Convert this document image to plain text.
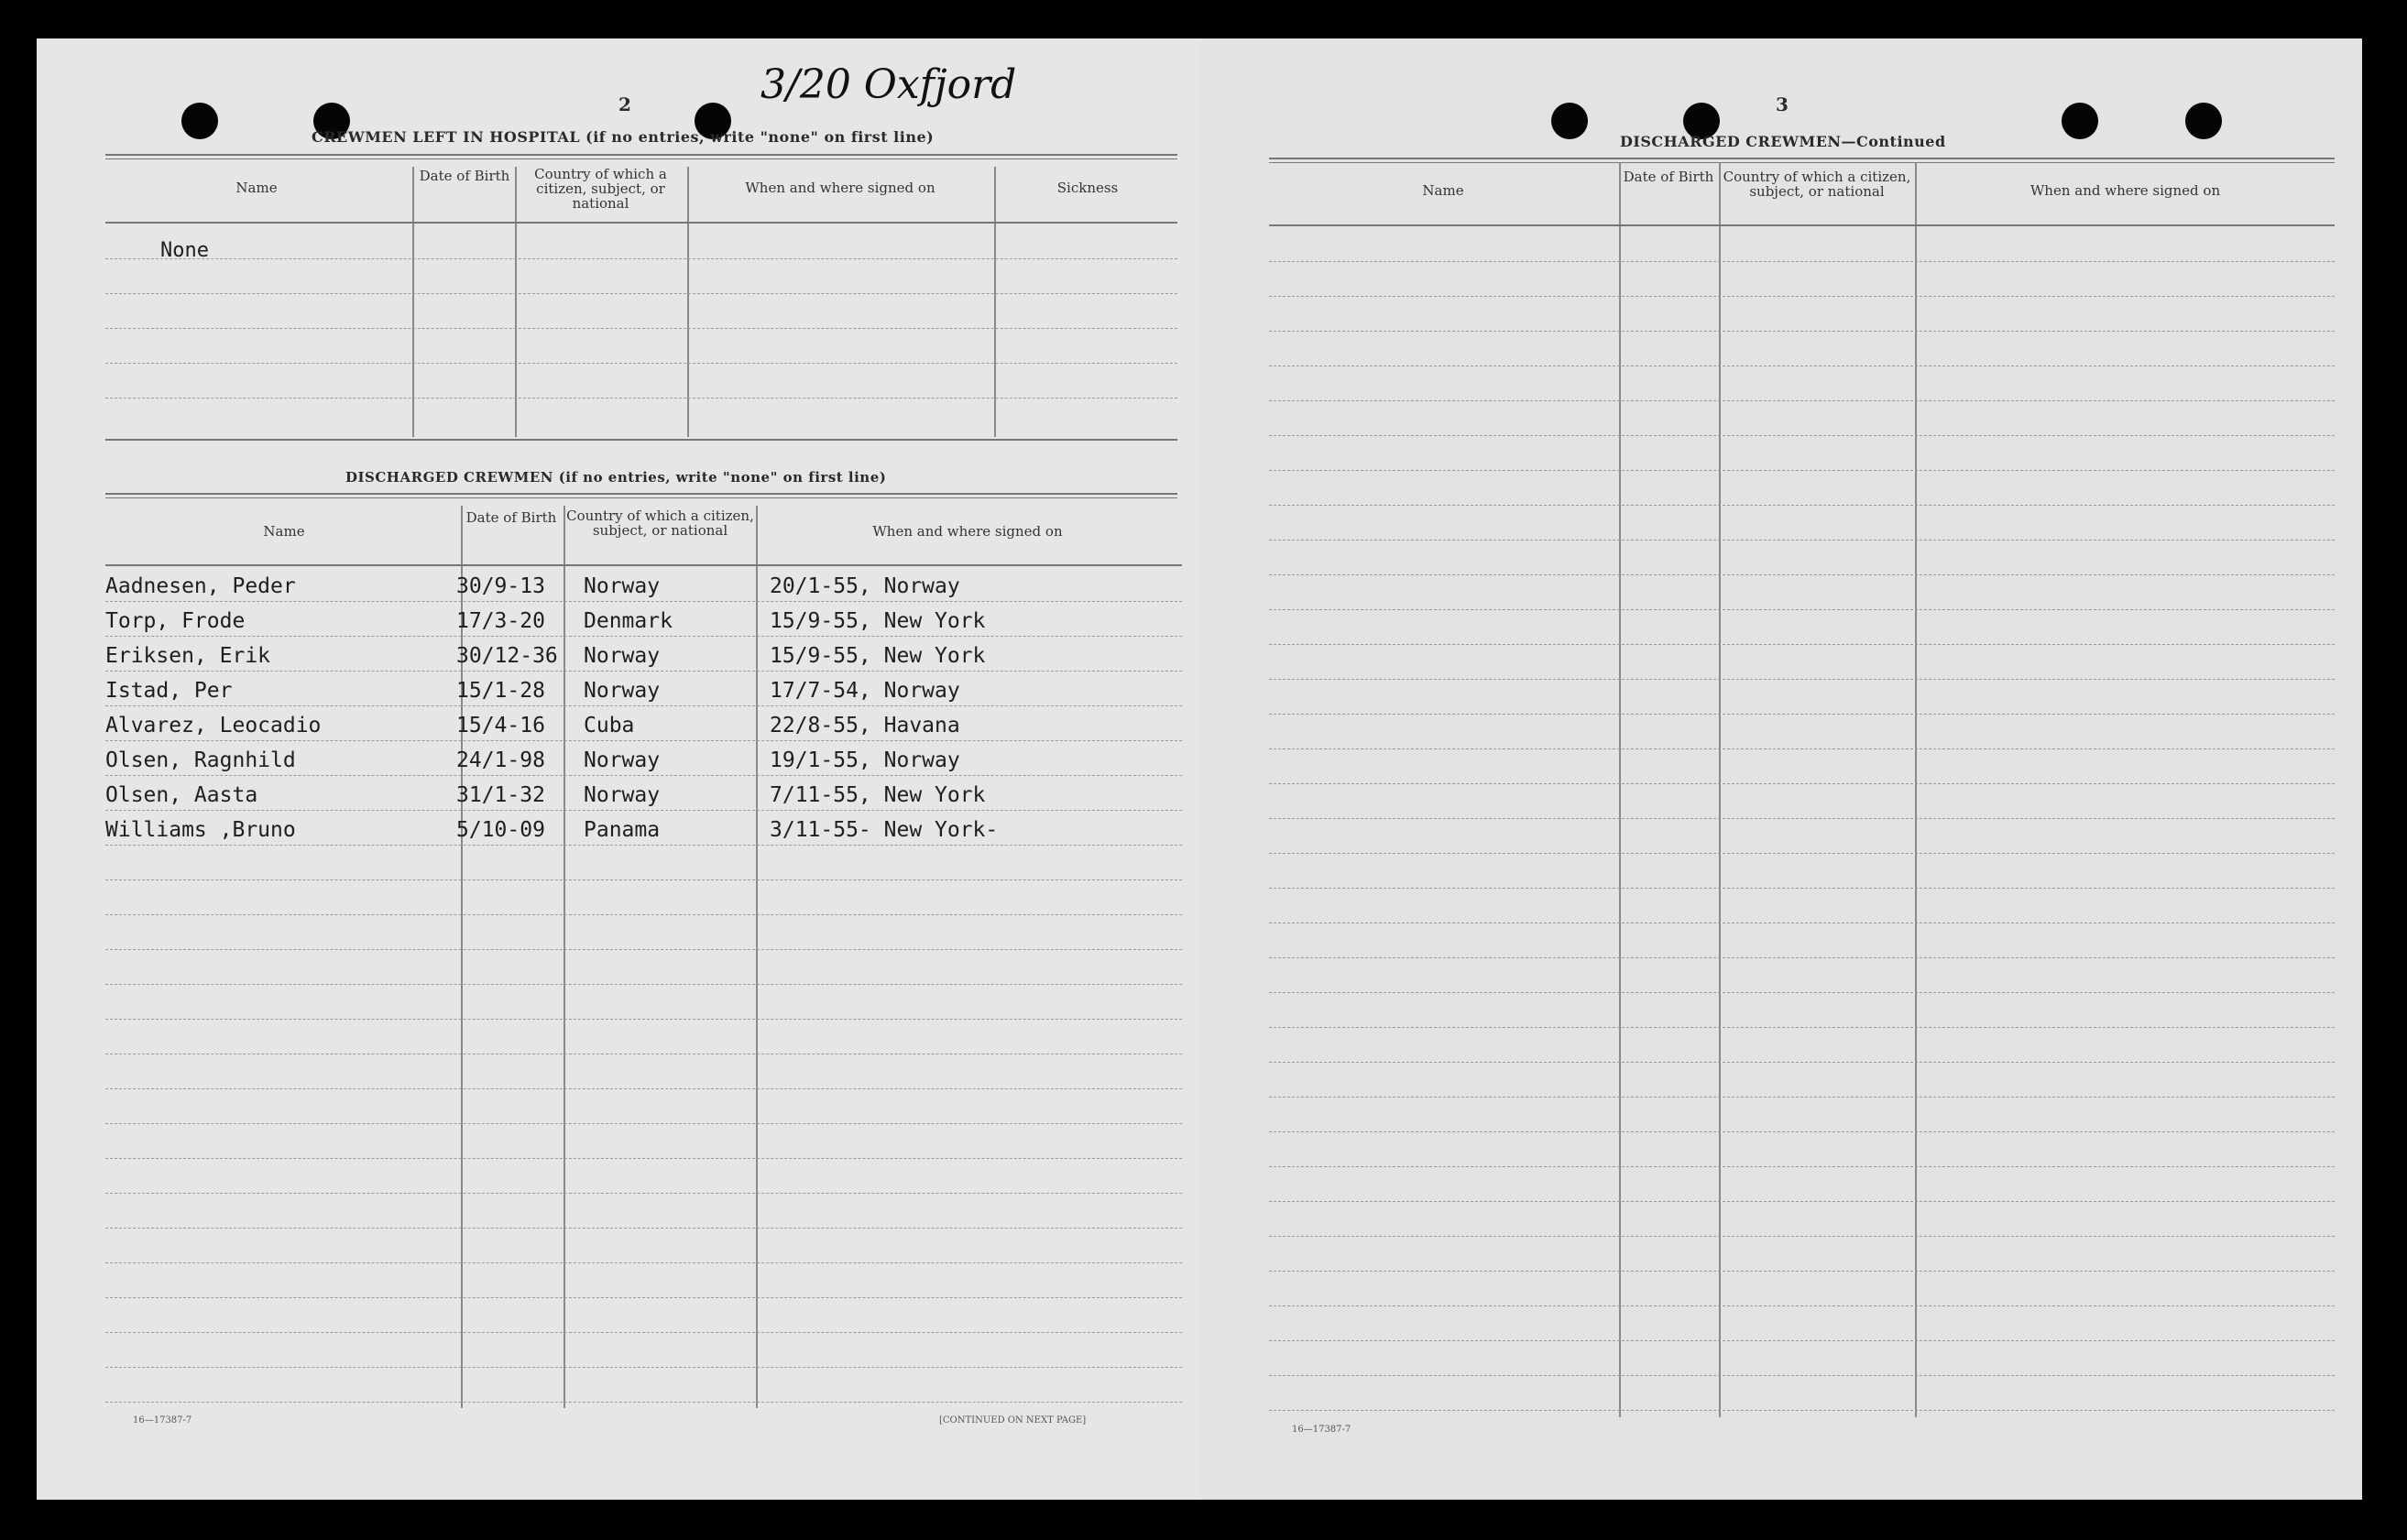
2	3/20 Oxfjord
CREWMEN LEFT IN HOSPITAL (if no entries, write "none" on first line)
Name
Date of Birth	Country of which a citizen, subject, or national
When and where signed on	Sickness
None
DISCHARGED CREWMEN (if no entries, write "none" on first line)
Name
Date of Birth Country of which a citizen, subject, or national	When and where signed on
Aadnesen, Peder	30/9-13 Norway	20/1-55, Norway
Torp, Frode	17/3-20 Denmark	15/9-55, New York
Eriksen, Erik	30/12-36 Norway	15/9-55, New York
Istad, Per	15/1-28 Norway	17/7-54, Norway
Alvarez, Leocadio	15/4-16 Cuba	22/8-55, Havana
Olsen, Ragnhild	24/1-98 Norway	19/1-55, Norway
Olsen, Aasta	31/1-32 Norway	7/11-55, New York
Williams ,Bruno	5/10-09 Panama	3/11-55- New York-
16—17387-7	[CONTINUED ON NEXT PAGE]
3
DISCHARGED CREWMEN—Continued
Name
Date of Birth Country of which a citizen, subject, or national	When and where signed on
16—17387-7
